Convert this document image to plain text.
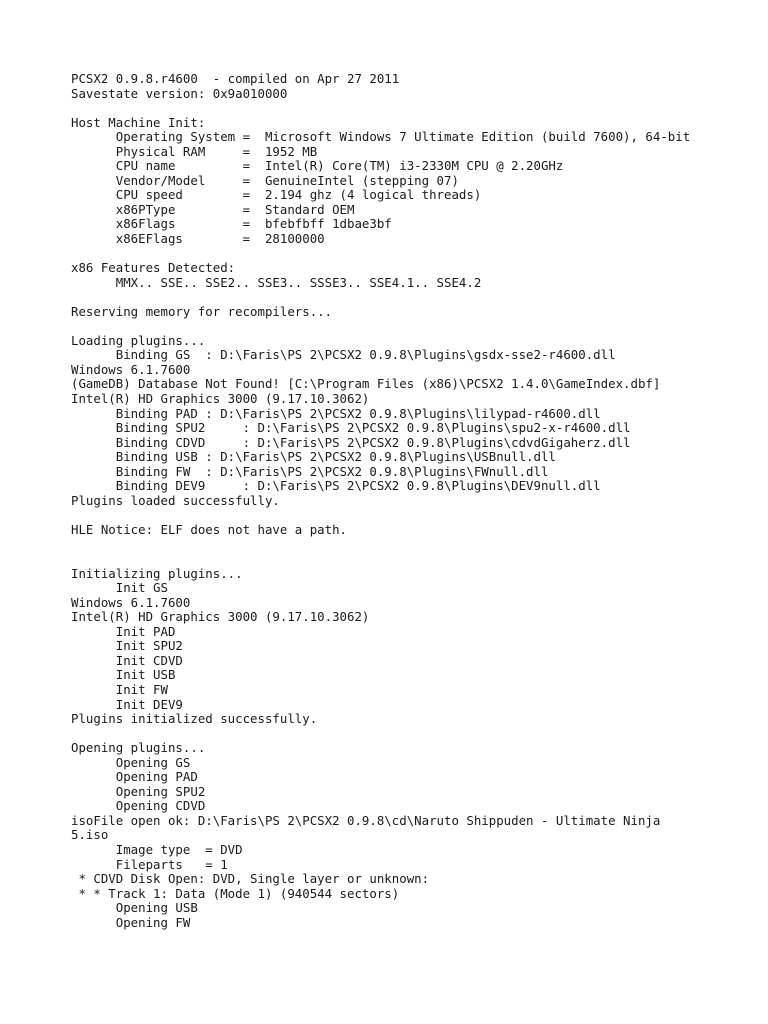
PCSX2 0.9.8.r4600  - compiled on Apr 27 2011
Savestate version: 0x9a010000
Host Machine Init:
Operating System =  Microsoft Windows 7 Ultimate Edition (build 7600), 64-bit
Physical RAM     =  1952 MB
CPU name         =  Intel(R) Core(TM) i3-2330M CPU @ 2.20GHz
Vendor/Model     =  GenuineIntel (stepping 07)
CPU speed        =  2.194 ghz (4 logical threads)
x86PType         =  Standard OEM
x86Flags         =  bfebfbff 1dbae3bf
x86EFlags        =  28100000
x86 Features Detected:
MMX.. SSE.. SSE2.. SSE3.. SSSE3.. SSE4.1.. SSE4.2
Reserving memory for recompilers...
Loading plugins...
Binding GS  : D:\Faris\PS 2\PCSX2 0.9.8\Plugins\gsdx-sse2-r4600.dll
Windows 6.1.7600
(GameDB) Database Not Found! [C:\Program Files (x86)\PCSX2 1.4.0\GameIndex.dbf]
Intel(R) HD Graphics 3000 (9.17.10.3062)
Binding PAD : D:\Faris\PS 2\PCSX2 0.9.8\Plugins\lilypad-r4600.dll
Binding SPU2     : D:\Faris\PS 2\PCSX2 0.9.8\Plugins\spu2-x-r4600.dll
Binding CDVD     : D:\Faris\PS 2\PCSX2 0.9.8\Plugins\cdvdGigaherz.dll
Binding USB : D:\Faris\PS 2\PCSX2 0.9.8\Plugins\USBnull.dll
Binding FW  : D:\Faris\PS 2\PCSX2 0.9.8\Plugins\FWnull.dll
Binding DEV9     : D:\Faris\PS 2\PCSX2 0.9.8\Plugins\DEV9null.dll
Plugins loaded successfully.
HLE Notice: ELF does not have a path.
Initializing plugins...
Init GS
Windows 6.1.7600
Intel(R) HD Graphics 3000 (9.17.10.3062)
Init PAD
Init SPU2
Init CDVD
Init USB
Init FW
Init DEV9
Plugins initialized successfully.
Opening plugins...
Opening GS
Opening PAD
Opening SPU2
Opening CDVD
isoFile open ok: D:\Faris\PS 2\PCSX2 0.9.8\cd\Naruto Shippuden - Ultimate Ninja
5.iso
Image type  = DVD
Fileparts   = 1
* CDVD Disk Open: DVD, Single layer or unknown:
* * Track 1: Data (Mode 1) (940544 sectors)
Opening USB
Opening FW
